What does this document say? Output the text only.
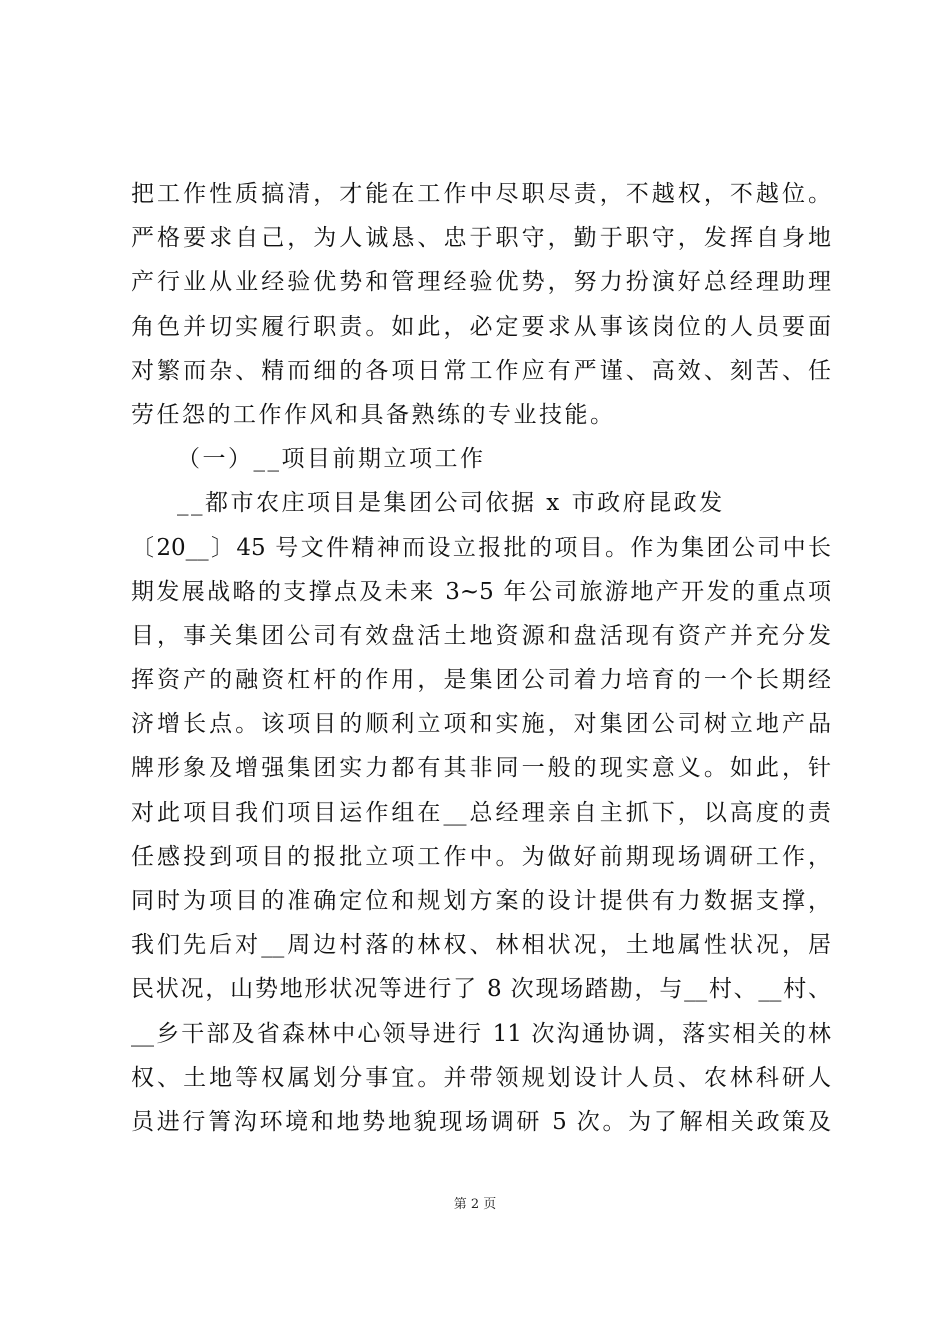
把工作性质搞清，才能在工作中尽职尽责，不越权，不越位。
严格要求自己，为人诚恳、忠于职守，勤于职守，发挥自身地
产行业从业经验优势和管理经验优势，努力扮演好总经理助理
角色并切实履行职责。如此，必定要求从事该岗位的人员要面
对繁而杂、精而细的各项日常工作应有严谨、高效、刻苦、任
劳任怨的工作作风和具备熟练的专业技能。
（一）__项目前期立项工作
__都市农庄项目是集团公司依据 x 市政府昆政发
〔20__〕45 号文件精神而设立报批的项目。作为集团公司中长
期发展战略的支撑点及未来 3~5 年公司旅游地产开发的重点项
目，事关集团公司有效盘活土地资源和盘活现有资产并充分发
挥资产的融资杠杆的作用，是集团公司着力培育的一个长期经
济增长点。该项目的顺利立项和实施，对集团公司树立地产品
牌形象及增强集团实力都有其非同一般的现实意义。如此，针
对此项目我们项目运作组在__总经理亲自主抓下，以高度的责
任感投到项目的报批立项工作中。为做好前期现场调研工作，
同时为项目的准确定位和规划方案的设计提供有力数据支撑，
我们先后对__周边村落的林权、林相状况，土地属性状况，居
民状况，山势地形状况等进行了 8 次现场踏勘，与__村、__村、
__乡干部及省森林中心领导进行 11 次沟通协调，落实相关的林
权、土地等权属划分事宜。并带领规划设计人员、农林科研人
员进行箐沟环境和地势地貌现场调研 5 次。为了解相关政策及
第 2 页
